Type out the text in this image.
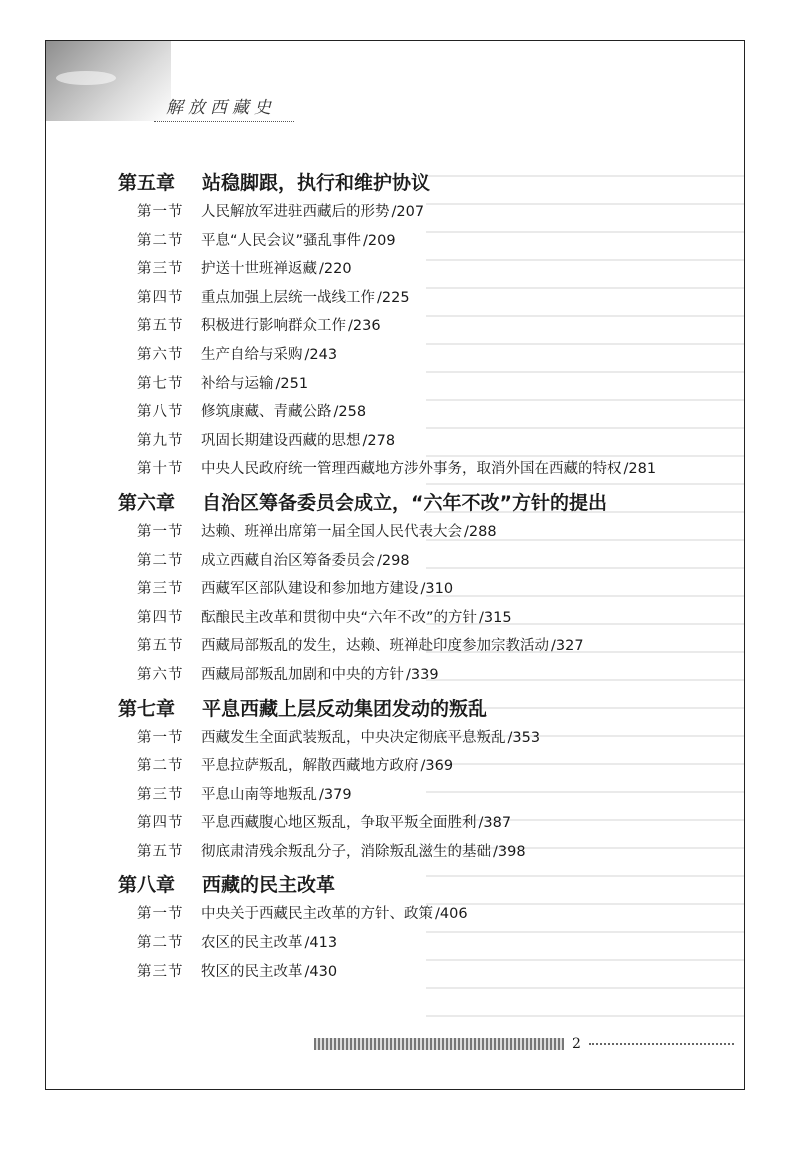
解放西藏史
第五章	站稳脚跟，执行和维护协议
第一节	人民解放军进驻西藏后的形势 /207
第二节	平息“人民会议”骚乱事件 /209
第三节	护送十世班禅返藏 /220
第四节	重点加强上层统一战线工作 /225
第五节	积极进行影响群众工作 /236
第六节	生产自给与采购 /243
第七节	补给与运输 /251
第八节	修筑康藏、青藏公路 /258
第九节	巩固长期建设西藏的思想 /278
第十节	中央人民政府统一管理西藏地方涉外事务，取消外国在西藏的特权 /281
第六章	自治区筹备委员会成立，“六年不改”方针的提出
第一节	达赖、班禅出席第一届全国人民代表大会 /288
第二节	成立西藏自治区筹备委员会 /298
第三节	西藏军区部队建设和参加地方建设 /310
第四节	酝酿民主改革和贯彻中央“六年不改”的方针 /315
第五节	西藏局部叛乱的发生，达赖、班禅赴印度参加宗教活动 /327
第六节	西藏局部叛乱加剧和中央的方针 /339
第七章	平息西藏上层反动集团发动的叛乱
第一节	西藏发生全面武装叛乱，中央决定彻底平息叛乱 /353
第二节	平息拉萨叛乱，解散西藏地方政府 /369
第三节	平息山南等地叛乱 /379
第四节	平息西藏腹心地区叛乱，争取平叛全面胜利 /387
第五节	彻底肃清残余叛乱分子，消除叛乱滋生的基础 /398
第八章	西藏的民主改革
第一节	中央关于西藏民主改革的方针、政策 /406
第二节	农区的民主改革 /413
第三节	牧区的民主改革 /430
2
